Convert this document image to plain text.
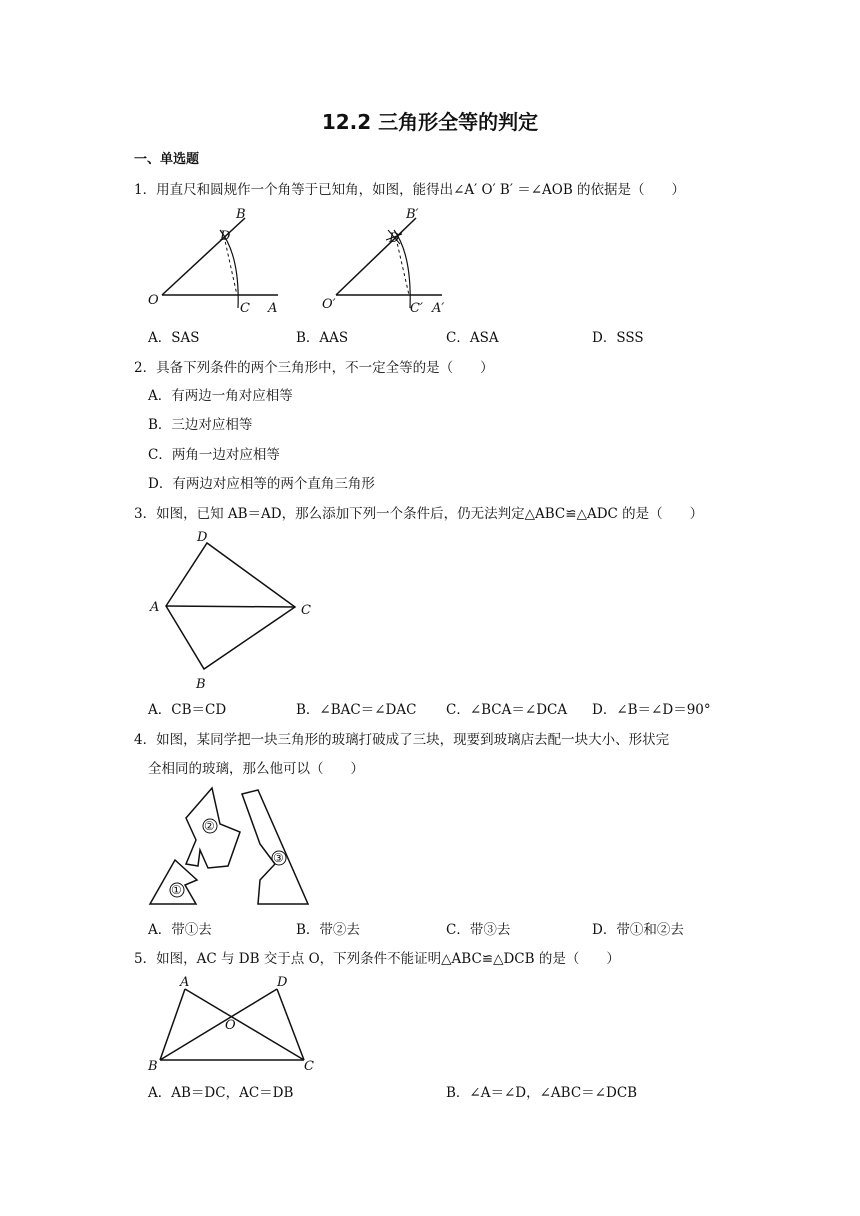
12.2 三角形全等的判定
一、单选题
1．用直尺和圆规作一个角等于已知角，如图，能得出∠A′ O′ B′ ＝∠AOB 的依据是（　　）
B
D
O
C A
B′
D′
O′	C′ A′
A．SAS	B．AAS	C．ASA	D．SSS
2．具备下列条件的两个三角形中，不一定全等的是（　　）
A．有两边一角对应相等
B．三边对应相等
C．两角一边对应相等
D．有两边对应相等的两个直角三角形
3．如图，已知 AB＝AD，那么添加下列一个条件后，仍无法判定△ABC≌△ADC 的是（　　）
D
A	C
B
A．CB＝CD	B．∠BAC＝∠DAC C．∠BCA＝∠DCA D．∠B＝∠D＝90°
4．如图，某同学把一块三角形的玻璃打破成了三块，现要到玻璃店去配一块大小、形状完
全相同的玻璃，那么他可以（　　）
②
③
①
A．带①去	B．带②去	C．带③去	D．带①和②去
5．如图，AC 与 DB 交于点 O，下列条件不能证明△ABC≌△DCB 的是（　　）
A	D
O
B	C
A．AB＝DC，AC＝DB	B．∠A＝∠D，∠ABC＝∠DCB
